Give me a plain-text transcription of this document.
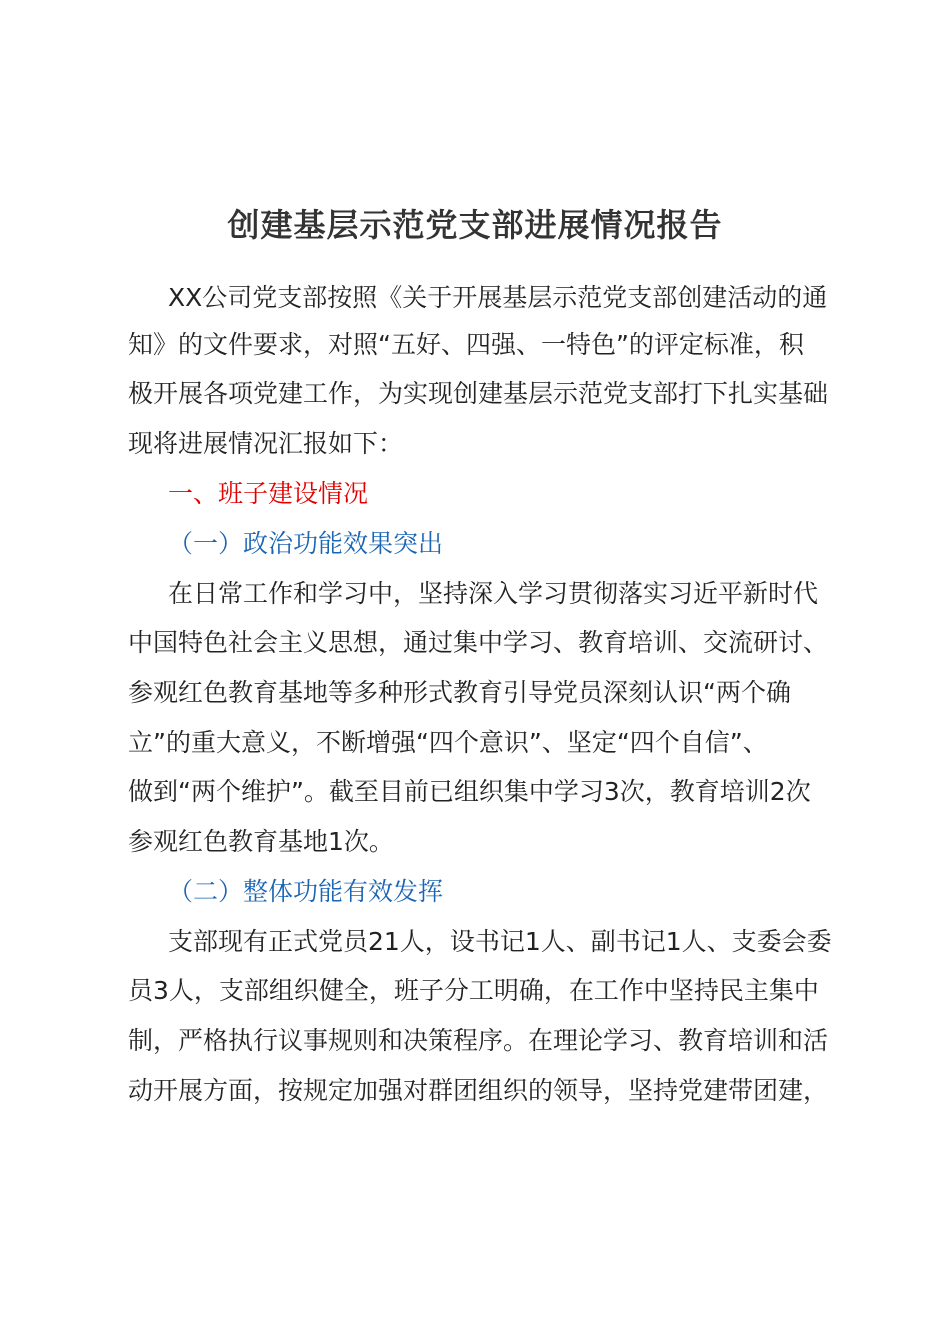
创建基层示范党支部进展情况报告
XX公司党支部按照《关于开展基层示范党支部创建活动的通
知》的文件要求，对照“五好、四强、一特色”的评定标准，积
极开展各项党建工作，为实现创建基层示范党支部打下扎实基础
现将进展情况汇报如下：
一、班子建设情况
（一）政治功能效果突出
在日常工作和学习中，坚持深入学习贯彻落实习近平新时代
中国特色社会主义思想，通过集中学习、教育培训、交流研讨、
参观红色教育基地等多种形式教育引导党员深刻认识“两个确
立”的重大意义，不断增强“四个意识”、坚定“四个自信”、
做到“两个维护”。截至目前已组织集中学习3次，教育培训2次
参观红色教育基地1次。
（二）整体功能有效发挥
支部现有正式党员21人，设书记1人、副书记1人、支委会委
员3人，支部组织健全，班子分工明确，在工作中坚持民主集中
制，严格执行议事规则和决策程序。在理论学习、教育培训和活
动开展方面，按规定加强对群团组织的领导，坚持党建带团建，
